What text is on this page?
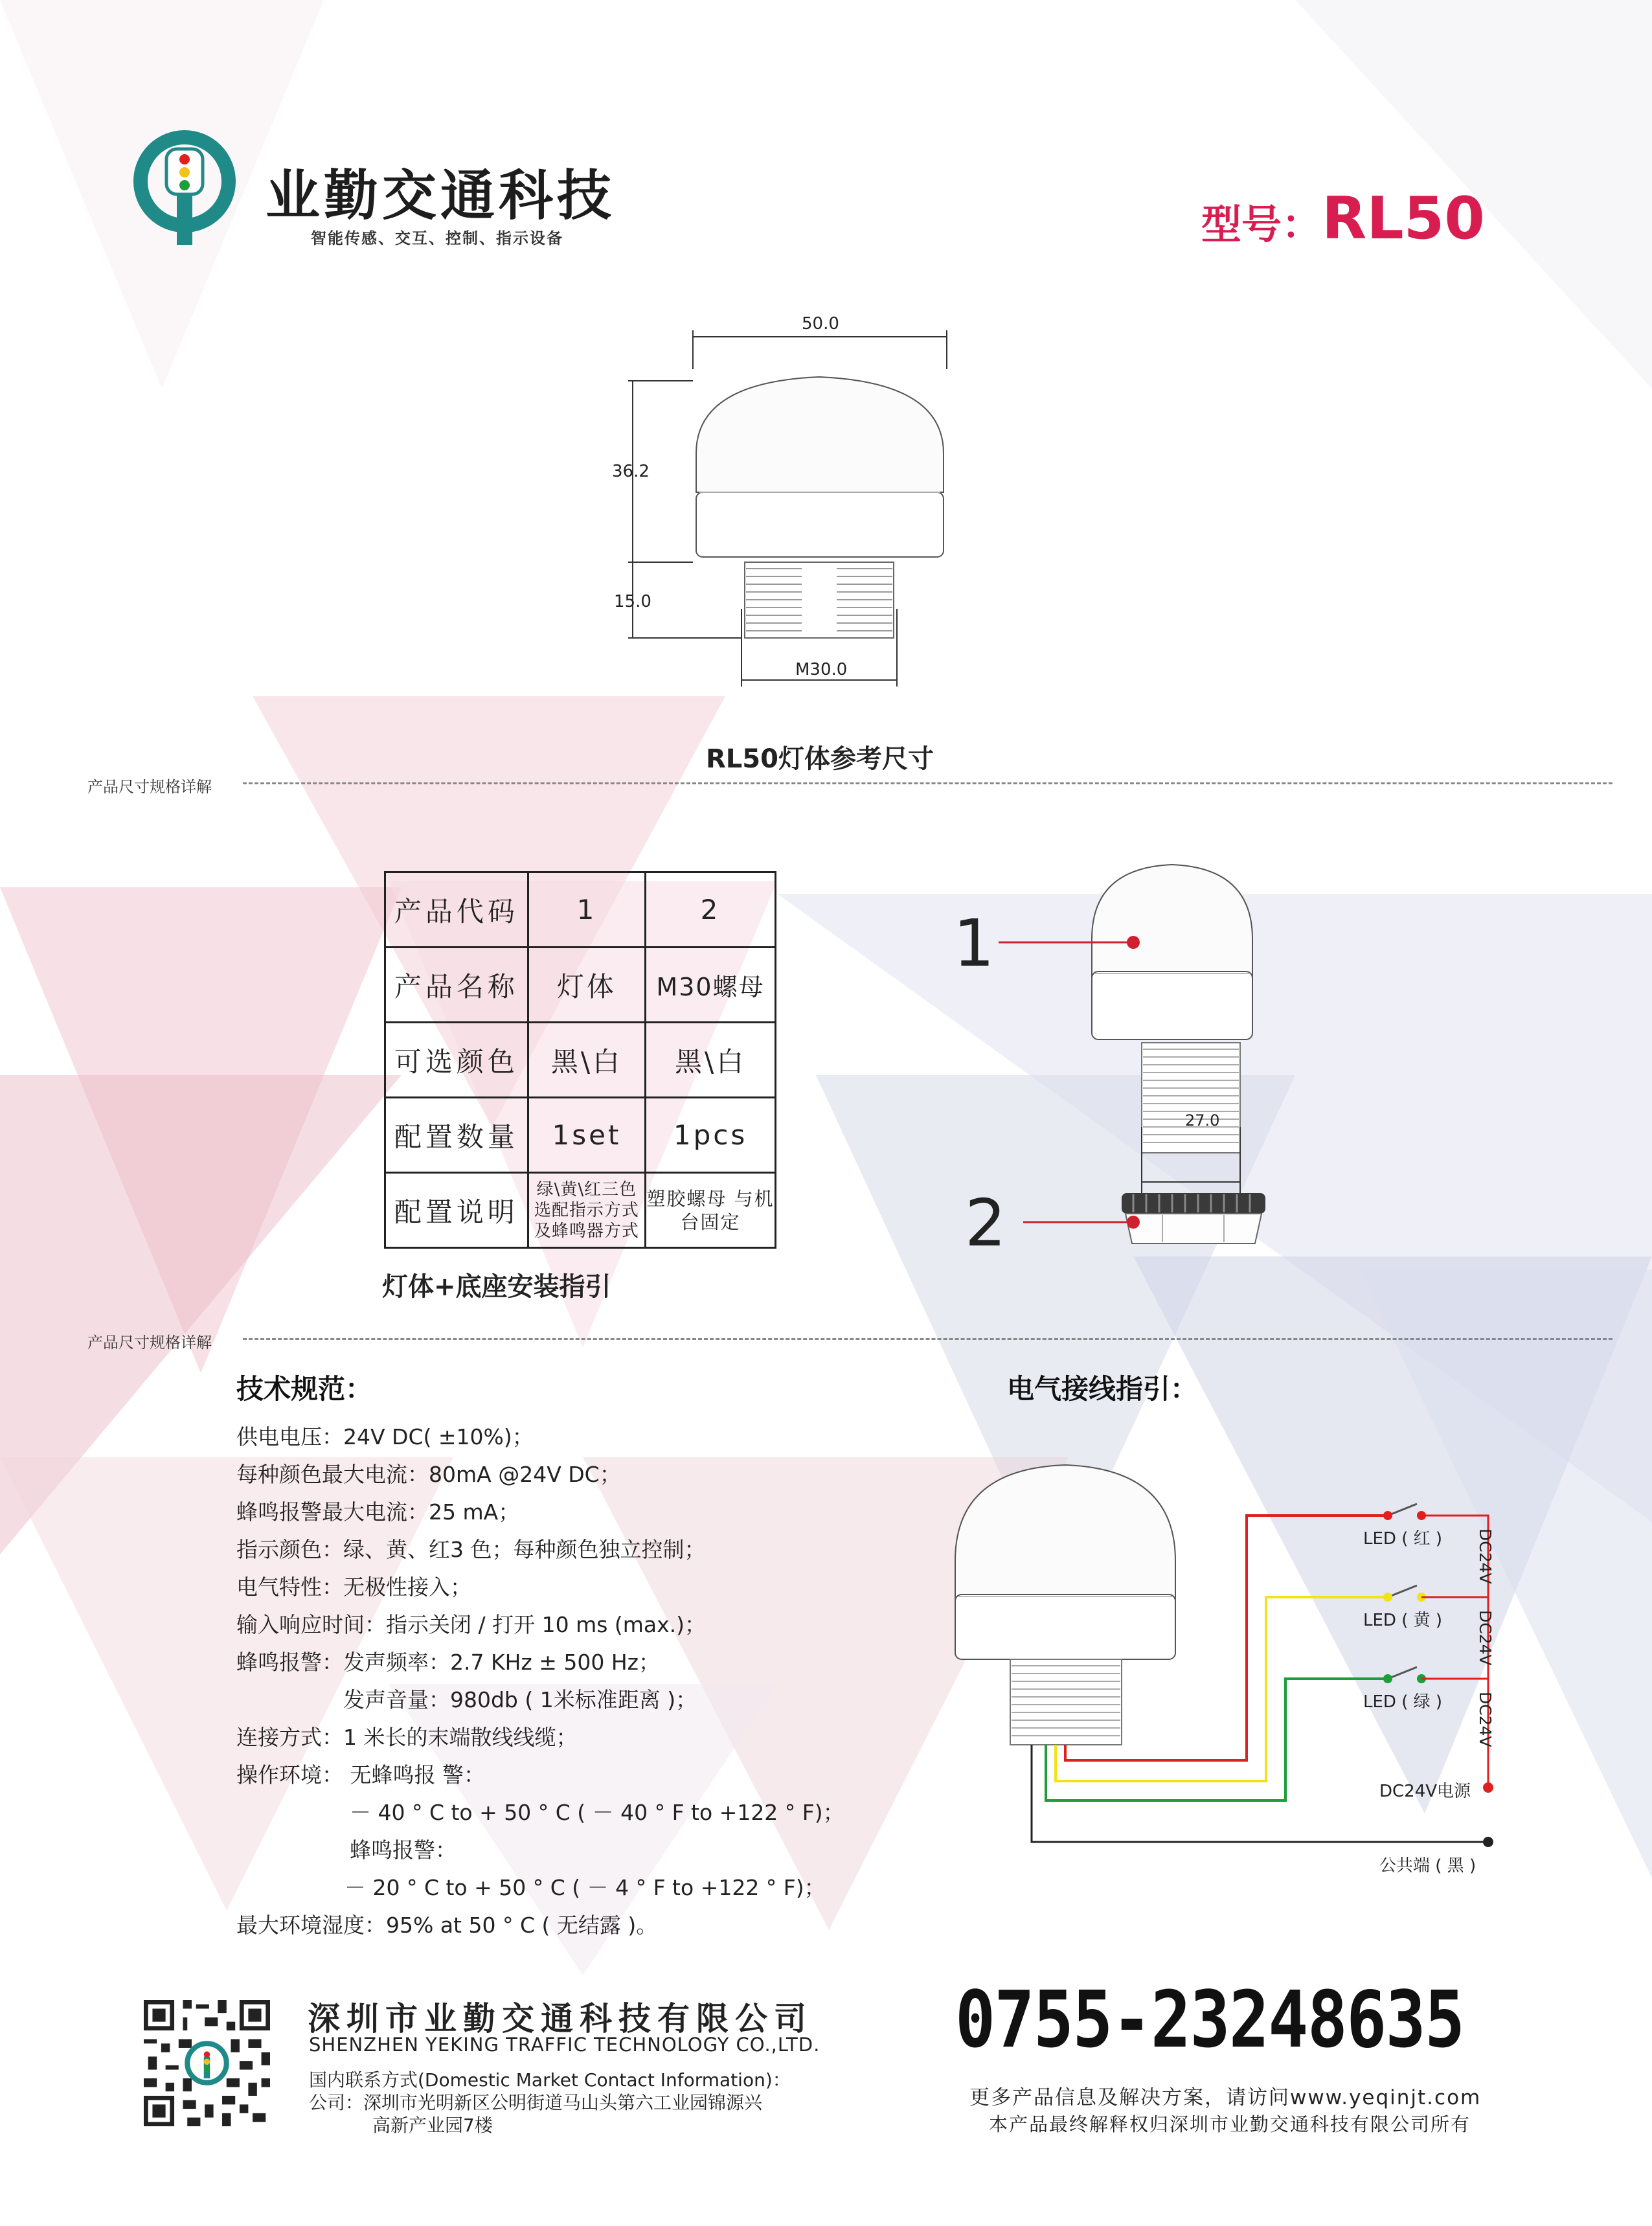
业勤交通科技
智能传感、交互、控制、指示设备	型号：RL50
50.0
36.2
15.0
M30.0
RL50灯体参考尺寸
产品尺寸规格详解
产品代码	1	2
产品名称	灯体	M30螺母
可选颜色	黑\白	黑\白
配置数量	1set	1pcs
配置说明	绿\黄\红三色 选配指示方式 及蜂鸣器方式	塑胶螺母 与机台固定
灯体+底座安装指引
27.0
1
2
产品尺寸规格详解
技术规范：
供电电压：24V DC( ±10%)；
每种颜色最大电流：80mA @24V DC；
蜂鸣报警最大电流：25 mA；
指示颜色：绿、黄、红3 色；每种颜色独立控制；
电气特性：无极性接入；
输入响应时间：指示关闭 / 打开 10 ms (max.)；
蜂鸣报警：发声频率：2.7 KHz ± 500 Hz；
发声音量：980db ( 1米标准距离 )；
连接方式：1 米长的末端散线线缆；
操作环境： 无蜂鸣报 警：
－ 40 ° C to + 50 ° C ( － 40 ° F to +122 ° F)；
蜂鸣报警：
－ 20 ° C to + 50 ° C ( － 4 ° F to +122 ° F)；
最大环境湿度：95% at 50 ° C ( 无结露 )。
电气接线指引：
LED ( 红 )
LED ( 黄 )
LED ( 绿 )
DC24V
DC24V
DC24V
DC24V电源
公共端 ( 黑 )
深圳市业勤交通科技有限公司
SHENZHEN YEKING TRAFFIC TECHNOLOGY CO.,LTD.
国内联系方式(Domestic Market Contact Information)：
公司：深圳市光明新区公明街道马山头第六工业园锦源兴
高新产业园7楼
0755-23248635
更多产品信息及解决方案，请访问www.yeqinjt.com
本产品最终解释权归深圳市业勤交通科技有限公司所有
